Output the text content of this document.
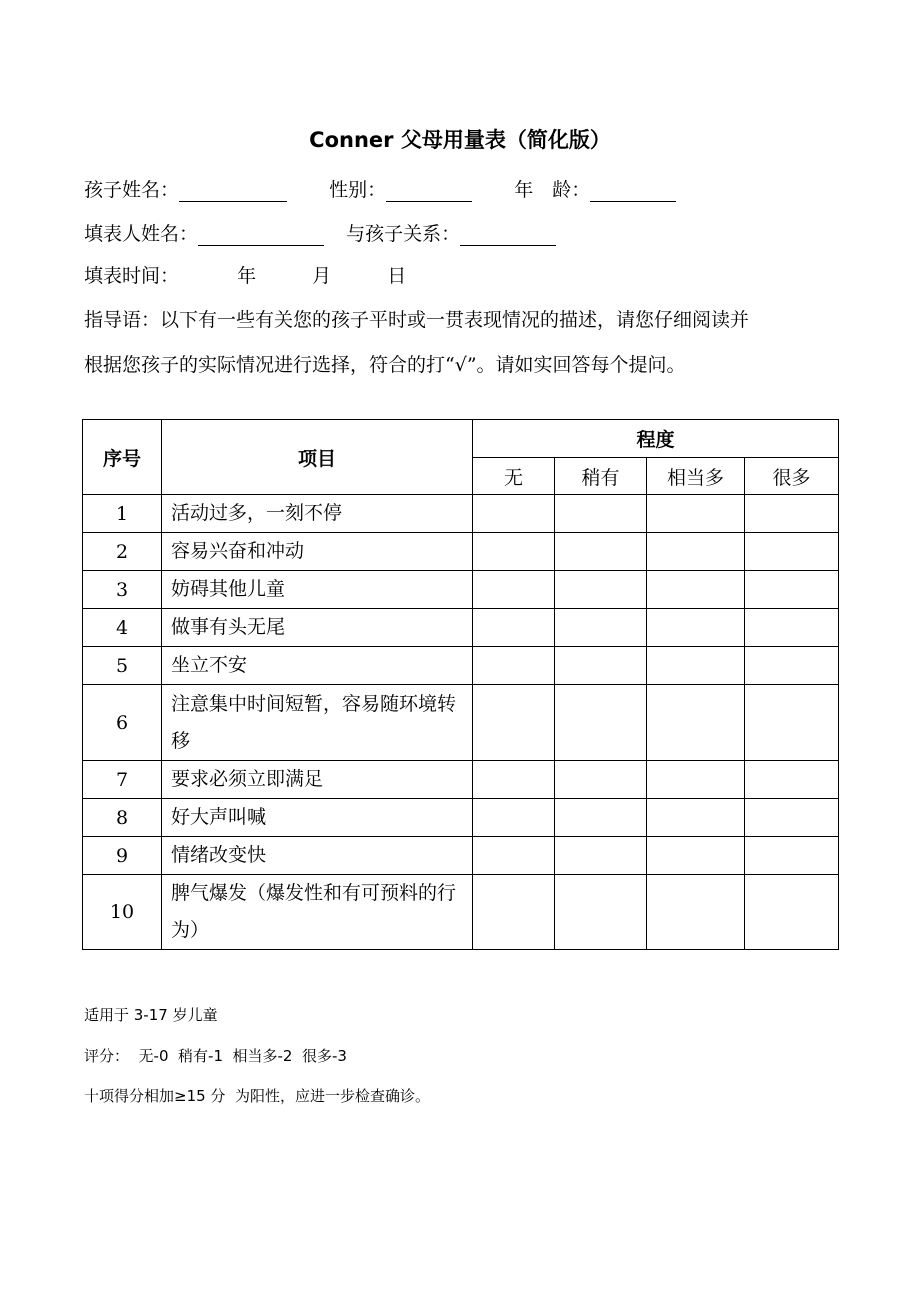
Conner 父母用量表（简化版）
孩子姓名：	性别：	年　龄：
填表人姓名：	与孩子关系：
填表时间：	年	月	日
指导语：以下有一些有关您的孩子平时或一贯表现情况的描述，请您仔细阅读并
根据您孩子的实际情况进行选择，符合的打“√”。请如实回答每个提问。
序号	项目	程度			
		无	稍有	相当多	很多
1	活动过多，一刻不停				
2	容易兴奋和冲动				
3	妨碍其他儿童				
4	做事有头无尾				
5	坐立不安				
6	注意集中时间短暂，容易随环境转移				
7	要求必须立即满足				
8	好大声叫喊				
9	情绪改变快				
10	脾气爆发（爆发性和有可预料的行为）				
适用于 3-17 岁儿童
评分：  无-0  稍有-1  相当多-2  很多-3
十项得分相加≥15 分  为阳性，应进一步检查确诊。
